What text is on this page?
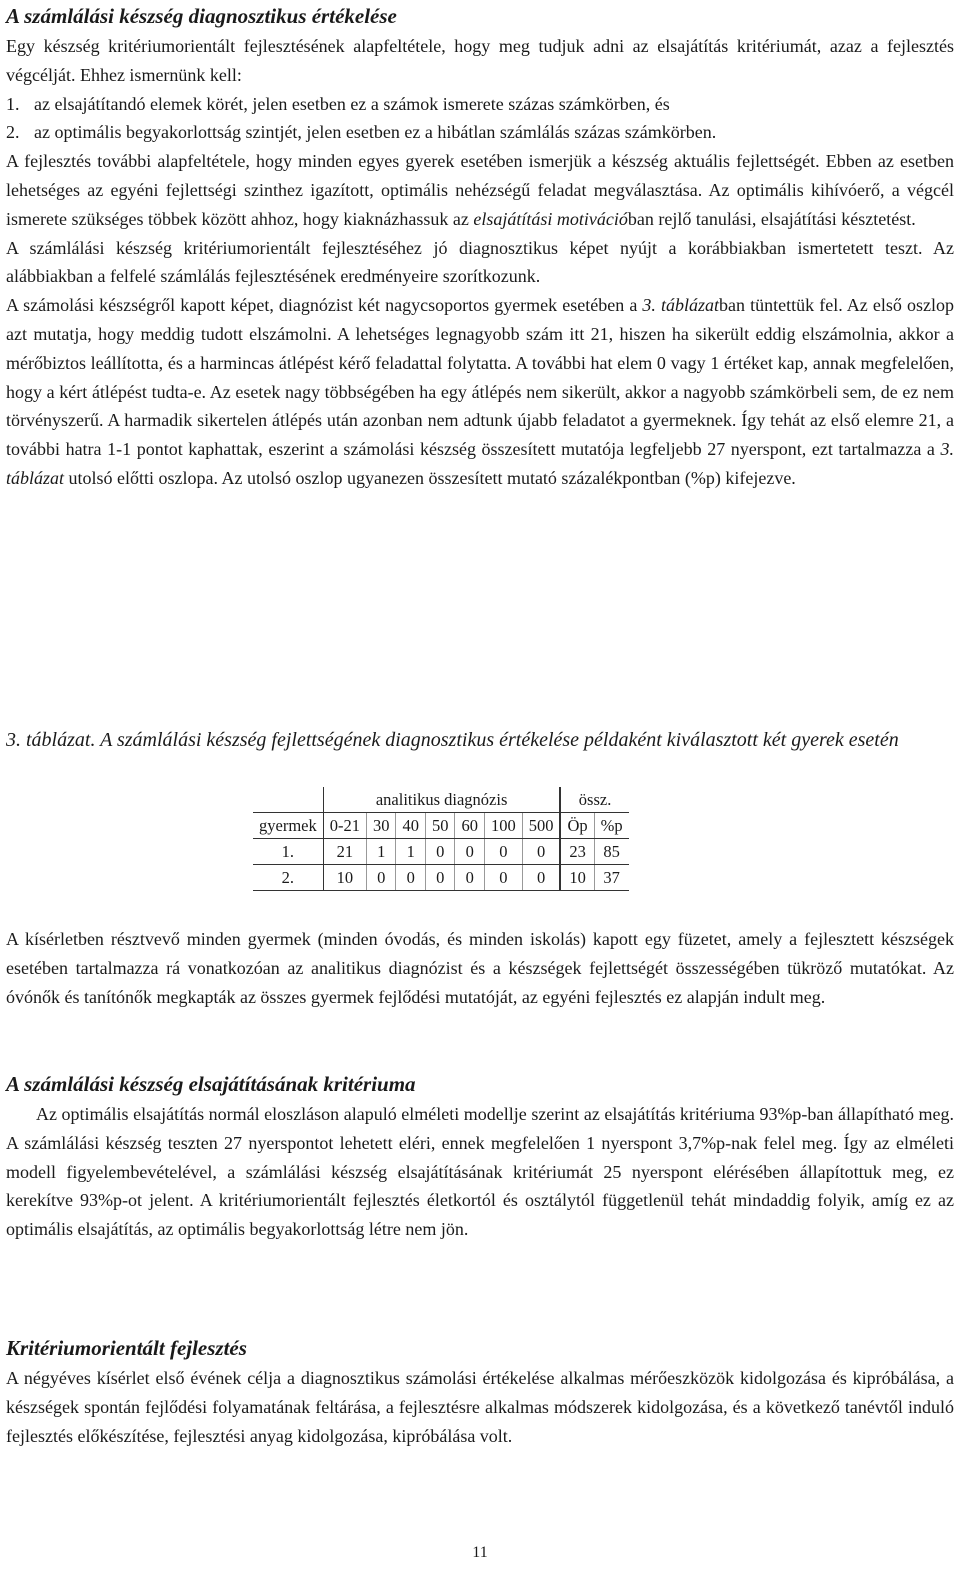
A számlálási készség diagnosztikus értékelése

Egy készség kritériumorientált fejlesztésének alapfeltétele, hogy meg tudjuk adni az elsajátítás kritériumát, azaz a fejlesztés végcélját. Ehhez ismernünk kell:

1. az elsajátítandó elemek körét, jelen esetben ez a számok ismerete százas számkörben, és
2. az optimális begyakorlottság szintjét, jelen esetben ez a hibátlan számlálás százas számkörben.

A fejlesztés további alapfeltétele, hogy minden egyes gyerek esetében ismerjük a készség aktuális fejlettségét. Ebben az esetben lehetséges az egyéni fejlettségi szinthez igazított, optimális nehézségű feladat megválasztása. Az optimális kihívóerő, a végcél ismerete szükséges többek között ahhoz, hogy kiaknázhassuk az elsajátítási motivációban rejlő tanulási, elsajátítási késztetést.

A számlálási készség kritériumorientált fejlesztéséhez jó diagnosztikus képet nyújt a korábbiakban ismertetett teszt. Az alábbiakban a felfelé számlálás fejlesztésének eredményeire szorítkozunk.

A számolási készségről kapott képet, diagnózist két nagycsoportos gyermek esetében a 3. táblázatban tüntettük fel. Az első oszlop azt mutatja, hogy meddig tudott elszámolni. A lehetséges legnagyobb szám itt 21, hiszen ha sikerült eddig elszámolnia, akkor a mérőbiztos leállította, és a harmincas átlépést kérő feladattal folytatta. A további hat elem 0 vagy 1 értéket kap, annak megfelelően, hogy a kért átlépést tudta-e. Az esetek nagy többségében ha egy átlépés nem sikerült, akkor a nagyobb számkörbeli sem, de ez nem törvényszerű. A harmadik sikertelen átlépés után azonban nem adtunk újabb feladatot a gyermeknek. Így tehát az első elemre 21, a további hatra 1-1 pontot kaphattak, eszerint a számolási készség összesített mutatója legfeljebb 27 nyerspont, ezt tartalmazza a 3. táblázat utolsó előtti oszlopa. Az utolsó oszlop ugyanezen összesített mutató százalékpontban (%p) kifejezve.

3. táblázat. A számlálási készség fejlettségének diagnosztikus értékelése példaként kiválasztott két gyerek esetén

	analitikus diagnózis							össz.	
gyermek	0-21	30	40	50	60	100	500	Öp	%p
1.	21	1	1	0	0	0	0	23	85
2.	10	0	0	0	0	0	0	10	37

A kísérletben résztvevő minden gyermek (minden óvodás, és minden iskolás) kapott egy füzetet, amely a fejlesztett készségek esetében tartalmazza rá vonatkozóan az analitikus diagnózist és a készségek fejlettségét összességében tükröző mutatókat. Az óvónők és tanítónők megkapták az összes gyermek fejlődési mutatóját, az egyéni fejlesztés ez alapján indult meg.

A számlálási készség elsajátításának kritériuma

Az optimális elsajátítás normál eloszláson alapuló elméleti modellje szerint az elsajátítás kritériuma 93%p-ban állapítható meg. A számlálási készség teszten 27 nyerspontot lehetett eléri, ennek megfelelően 1 nyerspont 3,7%p-nak felel meg. Így az elméleti modell figyelembevételével, a számlálási készség elsajátításának kritériumát 25 nyerspont elérésében állapítottuk meg, ez kerekítve 93%p-ot jelent. A kritériumorientált fejlesztés életkortól és osztálytól függetlenül tehát mindaddig folyik, amíg ez az optimális elsajátítás, az optimális begyakorlottság létre nem jön.

Kritériumorientált fejlesztés

A négyéves kísérlet első évének célja a diagnosztikus számolási értékelése alkalmas mérőeszközök kidolgozása és kipróbálása, a készségek spontán fejlődési folyamatának feltárása, a fejlesztésre alkalmas módszerek kidolgozása, és a következő tanévtől induló fejlesztés előkészítése, fejlesztési anyag kidolgozása, kipróbálása volt.

11
